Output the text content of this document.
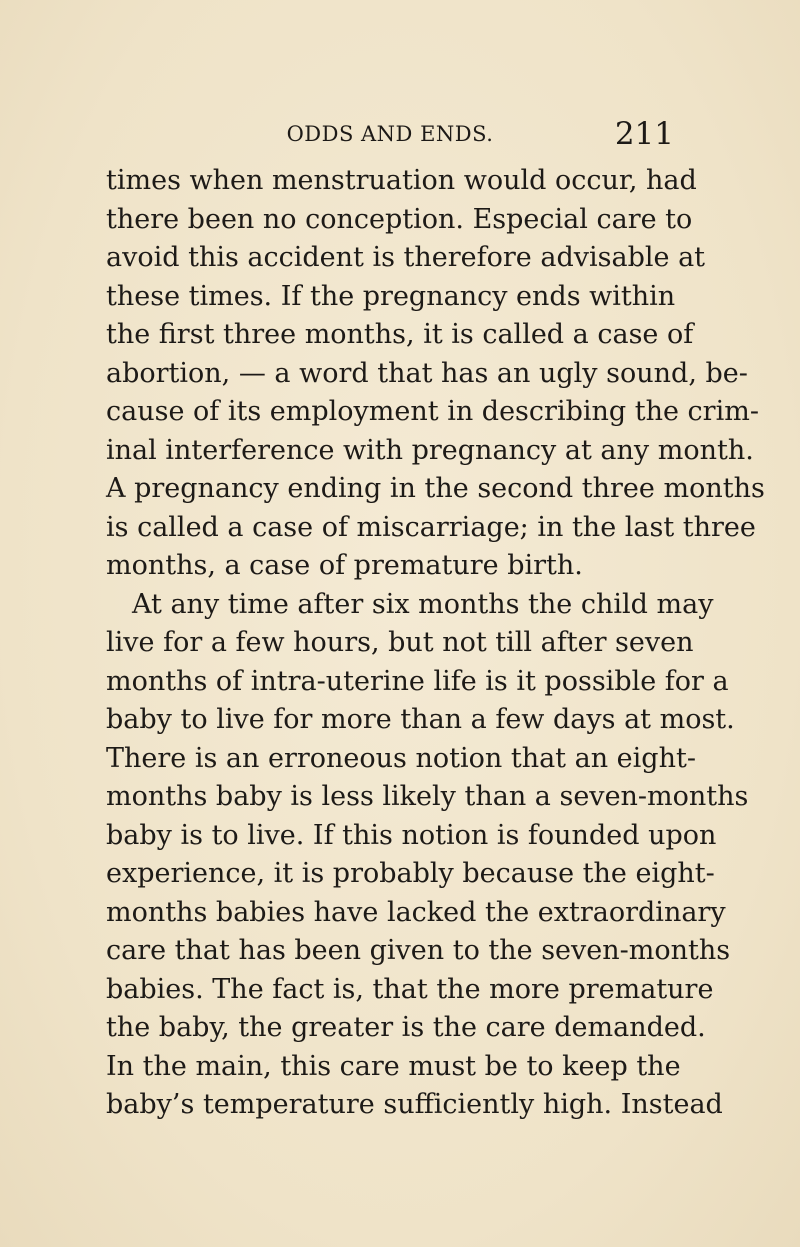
ODDS AND ENDS.	211
times when menstruation would occur, had
there been no conception. Especial care to
avoid this accident is therefore advisable at
these times. If the pregnancy ends within
the first three months, it is called a case of
abortion, — a word that has an ugly sound, be-
cause of its employment in describing the crim-
inal interference with pregnancy at any month.
A pregnancy ending in the second three months
is called a case of miscarriage; in the last three
months, a case of premature birth.
At any time after six months the child may
live for a few hours, but not till after seven
months of intra-uterine life is it possible for a
baby to live for more than a few days at most.
There is an erroneous notion that an eight-
months baby is less likely than a seven-months
baby is to live. If this notion is founded upon
experience, it is probably because the eight-
months babies have lacked the extraordinary
care that has been given to the seven-months
babies. The fact is, that the more premature
the baby, the greater is the care demanded.
In the main, this care must be to keep the
baby’s temperature sufficiently high. Instead
